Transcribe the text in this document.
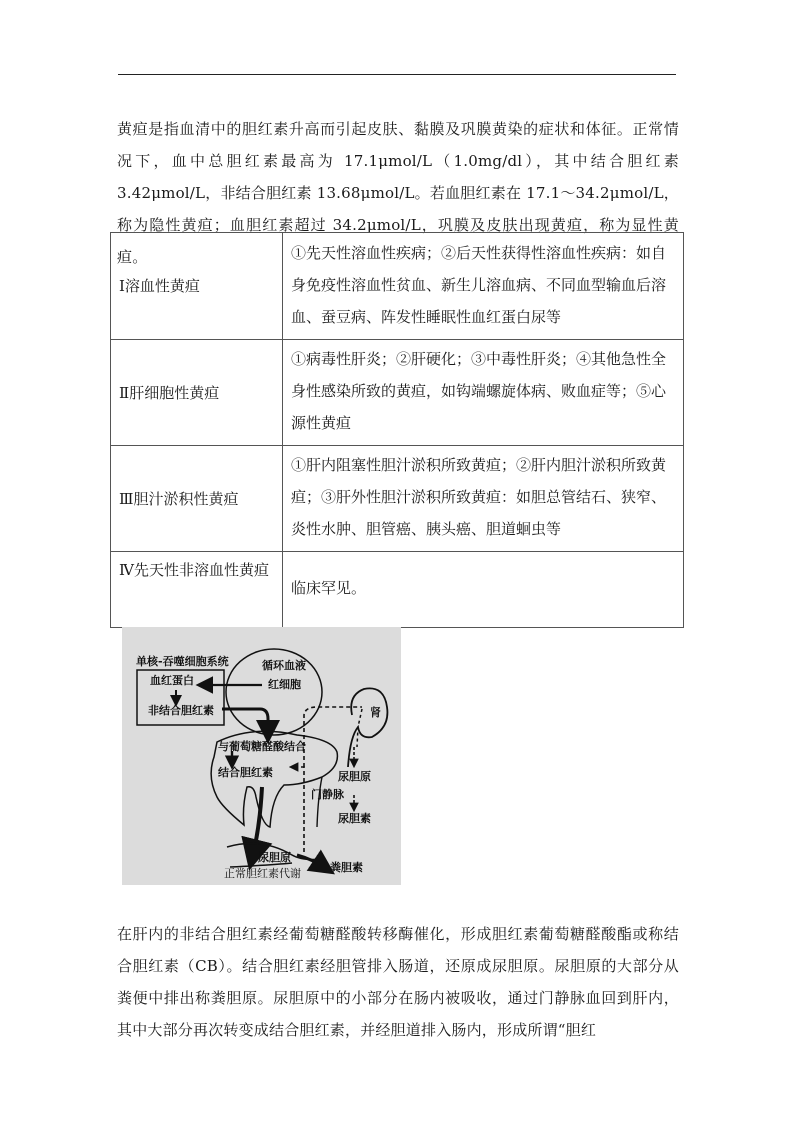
黄疸是指血清中的胆红素升高而引起皮肤、黏膜及巩膜黄染的症状和体征。正常情况下，血中总胆红素最高为 17.1μmol/L（1.0mg/dl），其中结合胆红素 3.42μmol/L，非结合胆红素 13.68μmol/L。若血胆红素在 17.1～34.2μmol/L，称为隐性黄疸；血胆红素超过 34.2μmol/L，巩膜及皮肤出现黄疸，称为显性黄疸。

Ⅰ溶血性黄疸	①先天性溶血性疾病；②后天性获得性溶血性疾病：如自身免疫性溶血性贫血、新生儿溶血病、不同血型输血后溶血、蚕豆病、阵发性睡眠性血红蛋白尿等
Ⅱ肝细胞性黄疸	①病毒性肝炎；②肝硬化；③中毒性肝炎；④其他急性全身性感染所致的黄疸，如钩端螺旋体病、败血症等；⑤心源性黄疸
Ⅲ胆汁淤积性黄疸	①肝内阻塞性胆汁淤积所致黄疸；②肝内胆汁淤积所致黄疸；③肝外性胆汁淤积所致黄疸：如胆总管结石、狭窄、炎性水肿、胆管癌、胰头癌、胆道蛔虫等
Ⅳ先天性非溶血性黄疸	临床罕见。
单核-吞噬细胞系统
血红蛋白
非结合胆红素
循环血液
红细胞
肾
与葡萄糖醛酸结合
结合胆红素	尿胆原
门静脉
尿胆素
尿胆原
粪胆素
正常胆红素代谢

在肝内的非结合胆红素经葡萄糖醛酸转移酶催化，形成胆红素葡萄糖醛酸酯或称结合胆红素（CB）。结合胆红素经胆管排入肠道，还原成尿胆原。尿胆原的大部分从粪便中排出称粪胆原。尿胆原中的小部分在肠内被吸收，通过门静脉血回到肝内，其中大部分再次转变成结合胆红素，并经胆道排入肠内，形成所谓“胆红
